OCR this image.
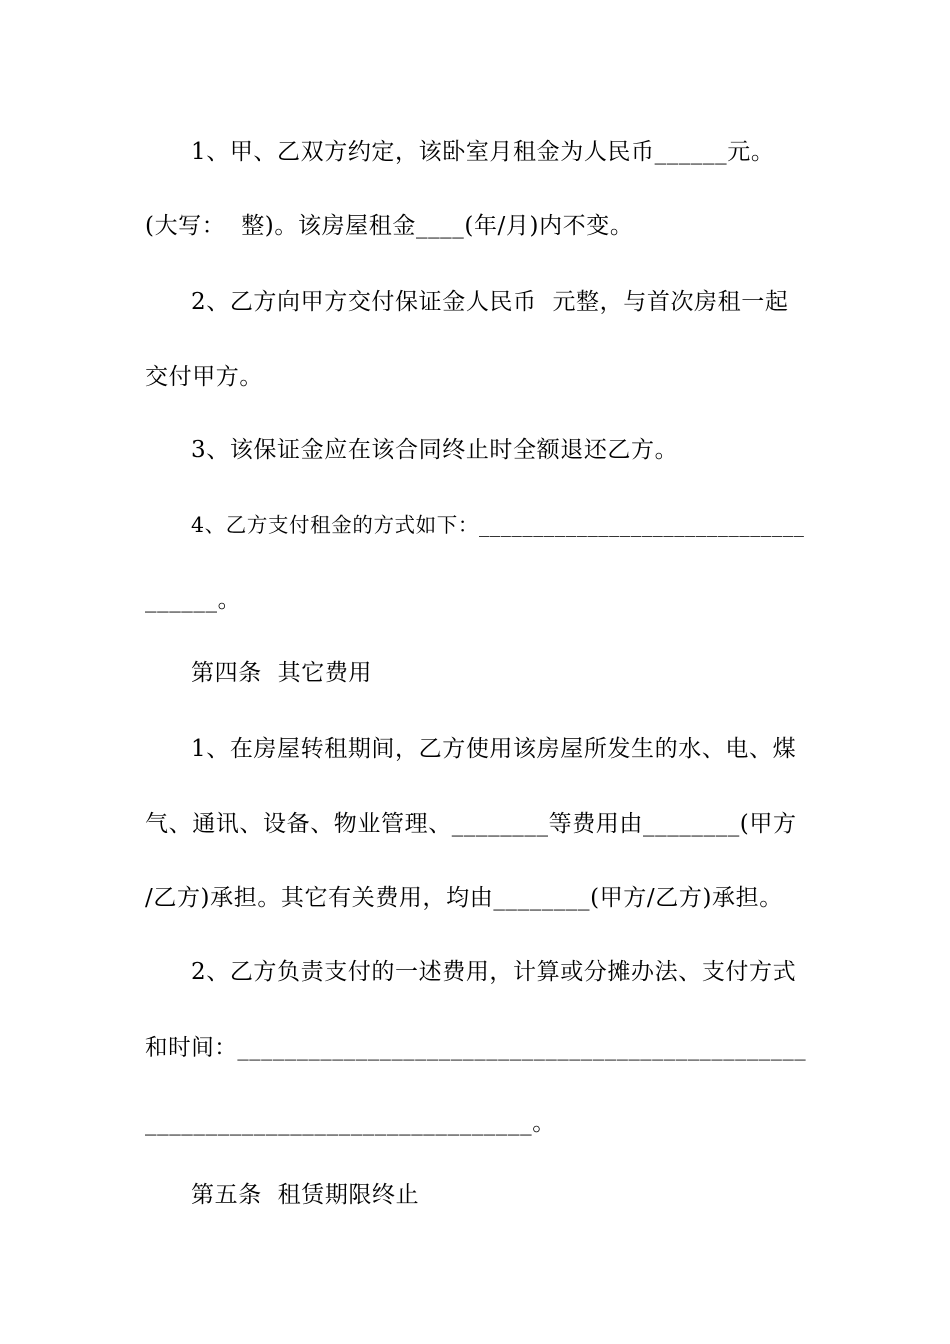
1、甲、乙双方约定，该卧室月租金为人民币______元。
(大写：  整)。该房屋租金____(年/月)内不变。
2、乙方向甲方交付保证金人民币  元整，与首次房租一起
交付甲方。
3、该保证金应在该合同终止时全额退还乙方。
4、乙方支付租金的方式如下：______________________________
______。
第四条  其它费用
1、在房屋转租期间，乙方使用该房屋所发生的水、电、煤
气、通讯、设备、物业管理、________等费用由________(甲方
/乙方)承担。其它有关费用，均由________(甲方/乙方)承担。
2、乙方负责支付的一述费用，计算或分摊办法、支付方式
和时间：________________________________________________
________________________________。
第五条  租赁期限终止
